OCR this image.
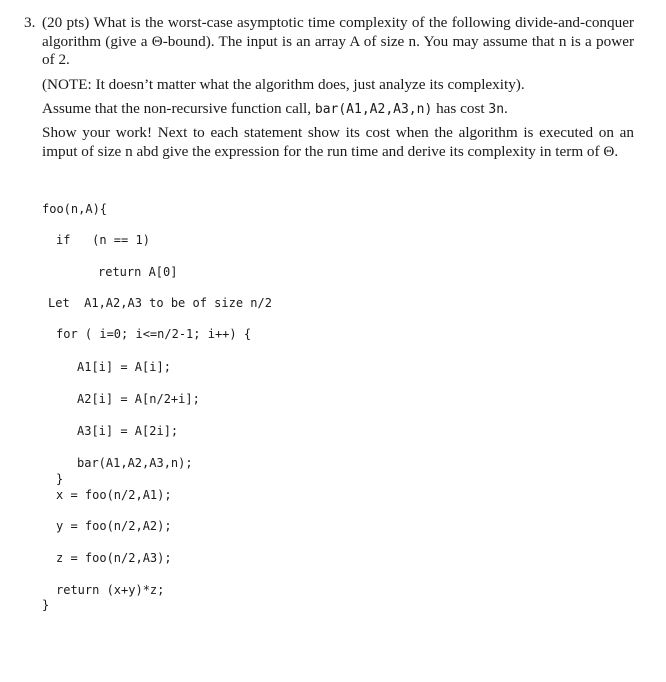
3. (20 pts) What is the worst-case asymptotic time complexity of the following divide-and-conquer algorithm (give a Θ-bound). The input is an array A of size n. You may assume that n is a power of 2.
(NOTE: It doesn’t matter what the algorithm does, just analyze its complexity).
Assume that the non-recursive function call, bar(A1,A2,A3,n) has cost 3n.
Show your work! Next to each statement show its cost when the algorithm is executed on an imput of size n abd give the expression for the run time and derive its complexity in term of Θ.
foo(n,A){
if   (n == 1)
return A[0]
Let  A1,A2,A3 to be of size n/2
for ( i=0; i<=n/2-1; i++) {
A1[i] = A[i];
A2[i] = A[n/2+i];
A3[i] = A[2i];
bar(A1,A2,A3,n);
}
x = foo(n/2,A1);
y = foo(n/2,A2);
z = foo(n/2,A3);
return (x+y)*z;
}
